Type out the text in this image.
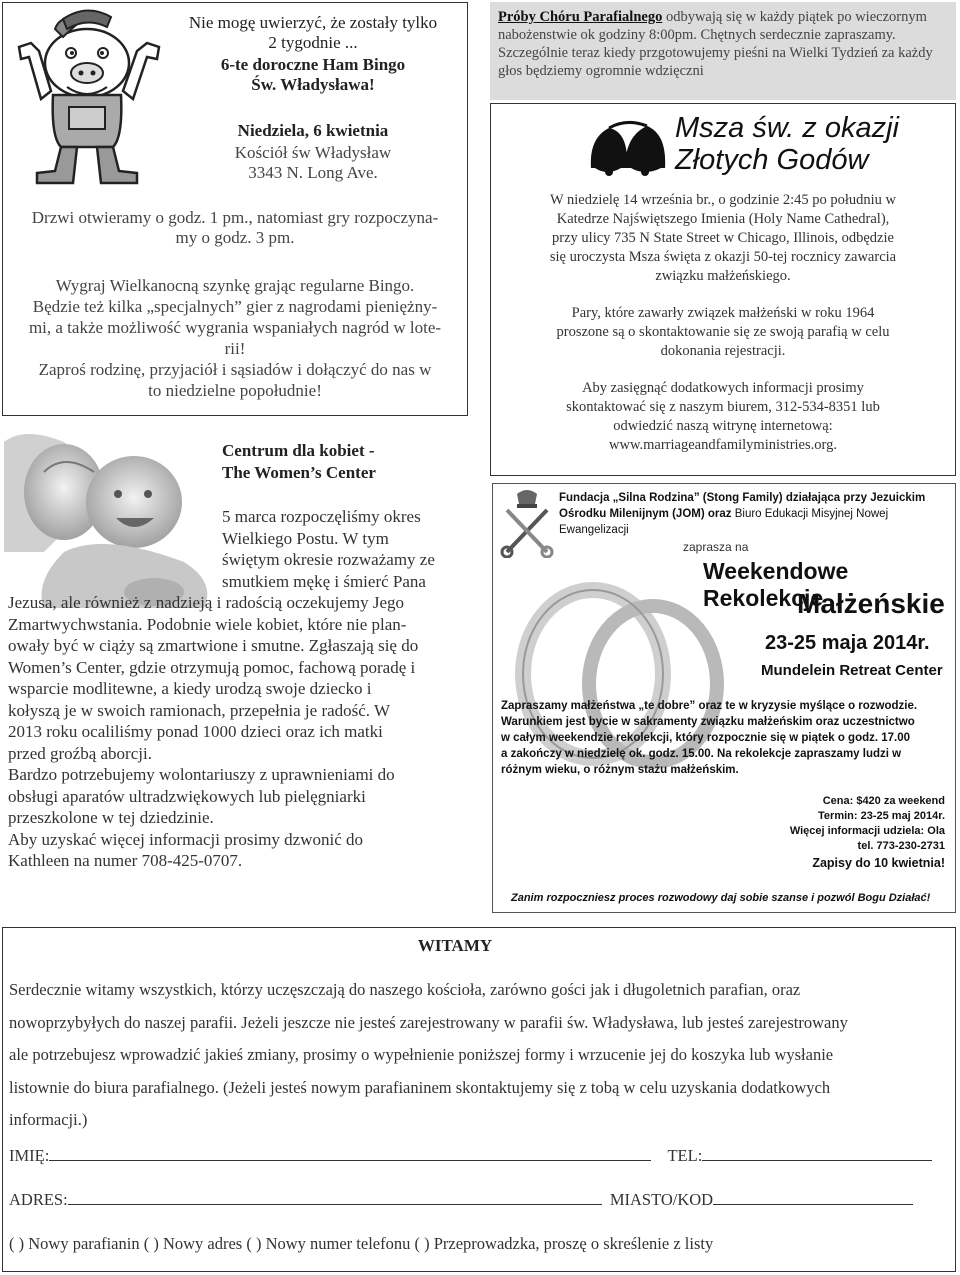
Nie mogę uwierzyć, że zostały tylko
2 tygodnie ...
6-te doroczne Ham Bingo
Św. Władysława!
Niedziela, 6 kwietnia
Kościół św Władysław
3343 N. Long Ave.
Drzwi otwieramy o godz. 1 pm., natomiast gry rozpoczyna-
my o godz. 3 pm.

Wygraj Wielkanocną szynkę grając regularne Bingo.

Będzie też kilka „specjalnych” gier z nagrodami pieniężny-

mi, a także możliwość wygrania wspaniałych nagród w lote-

rii!

Zaproś rodzinę, przyjaciół i sąsiadów i dołączyć do nas w

to niedzielne popołudnie!

Próby Chóru Parafialnego odbywają się w każdy piątek po wieczornym nabożenstwie ok godziny 8:00pm. Chętnych serdecznie zapraszamy. Szczególnie teraz kiedy przgotowujemy pieśni na Wielki Tydzień za każdy głos będziemy ogromnie wdzięczni

Msza św. z okazji
Złotych Godów

W niedzielę 14 września br., o godzinie 2:45 po południu w

Katedrze Najświętszego Imienia (Holy Name Cathedral),

przy ulicy 735 N State Street w Chicago, Illinois, odbędzie

się uroczysta Msza święta z okazji 50-tej rocznicy zawarcia

związku małżeńskiego.

Pary, które zawarły związek małżeński w roku 1964

proszone są o skontaktowanie się ze swoją parafią w celu

dokonania rejestracji.

Aby zasięgnąć dodatkowych informacji prosimy

skontaktować się z naszym biurem, 312-534-8351 lub

odwiedzić naszą witrynę internetową:

www.marriageandfamilyministries.org.

Centrum dla kobiet -
The Women’s Center
5 marca rozpoczęliśmy okres
Wielkiego Postu. W tym
świętym okresie rozważamy ze
smutkiem mękę i śmierć Pana
Jezusa, ale również z nadzieją i radością oczekujemy Jego
Zmartwychwstania. Podobnie wiele kobiet, które nie plan-
owały być w ciąży są zmartwione i smutne. Zgłaszają się do
Women’s Center, gdzie otrzymują pomoc, fachową poradę i
wsparcie modlitewne, a kiedy urodzą swoje dziecko i
kołyszą je w swoich ramionach, przepełnia je radość. W
2013 roku ocaliliśmy ponad 1000 dzieci oraz ich matki
przed groźbą aborcji.
Bardzo potrzebujemy wolontariuszy z uprawnieniami do
obsługi aparatów ultradzwiękowych lub pielęgniarki
przeszkolone w tej dziedzinie.
Aby uzyskać więcej informacji prosimy dzwonić do
Kathleen na numer 708-425-0707.
Fundacja „Silna Rodzina” (Stong Family) działająca przy Jezuickim
Ośrodku Milenijnym (JOM) oraz Biuro Edukacji Misyjnej Nowej Ewangelizacji
zaprasza na
Weekendowe Rekolekcje
Małżeńskie
23-25 maja 2014r.
Mundelein Retreat Center
Zapraszamy małżeństwa „te dobre” oraz te w kryzysie myślące o rozwodzie.
Warunkiem jest bycie w sakramenty związku małżeńskim oraz uczestnictwo
w całym weekendzie rekolekcji, który rozpocznie się w piątek o godz. 17.00
a zakończy w niedzielę ok. godz. 15.00. Na rekolekcje zapraszamy ludzi w
różnym wieku, o różnym stażu małżeńskim.
Cena: $420 za weekend
Termin: 23-25 maj 2014r.
Więcej informacji udziela: Ola
tel. 773-230-2731
Zapisy do 10 kwietnia!
Zanim rozpoczniesz proces rozwodowy daj sobie szanse i pozwól Bogu Działać!
WITAMY
Serdecznie witamy wszystkich, którzy uczęszczają do naszego kościoła, zarówno gości jak i długoletnich parafian, oraz
nowoprzybyłych do naszej parafii. Jeżeli jeszcze nie jesteś zarejestrowany w parafii św. Władysława, lub jesteś zarejestrowany
ale potrzebujesz wprowadzić jakieś zmiany, prosimy o wypełnienie poniższej formy i wrzucenie jej do koszyka lub wysłanie
listownie do biura parafialnego. (Jeżeli jesteś nowym parafianinem skontaktujemy się z tobą w celu uzyskania dodatkowych
informacji.)
IMIĘ:	TEL:
ADRES:	MIASTO/KOD
( ) Nowy parafianin ( ) Nowy adres ( ) Nowy numer telefonu ( ) Przeprowadzka, proszę o skreślenie z listy
